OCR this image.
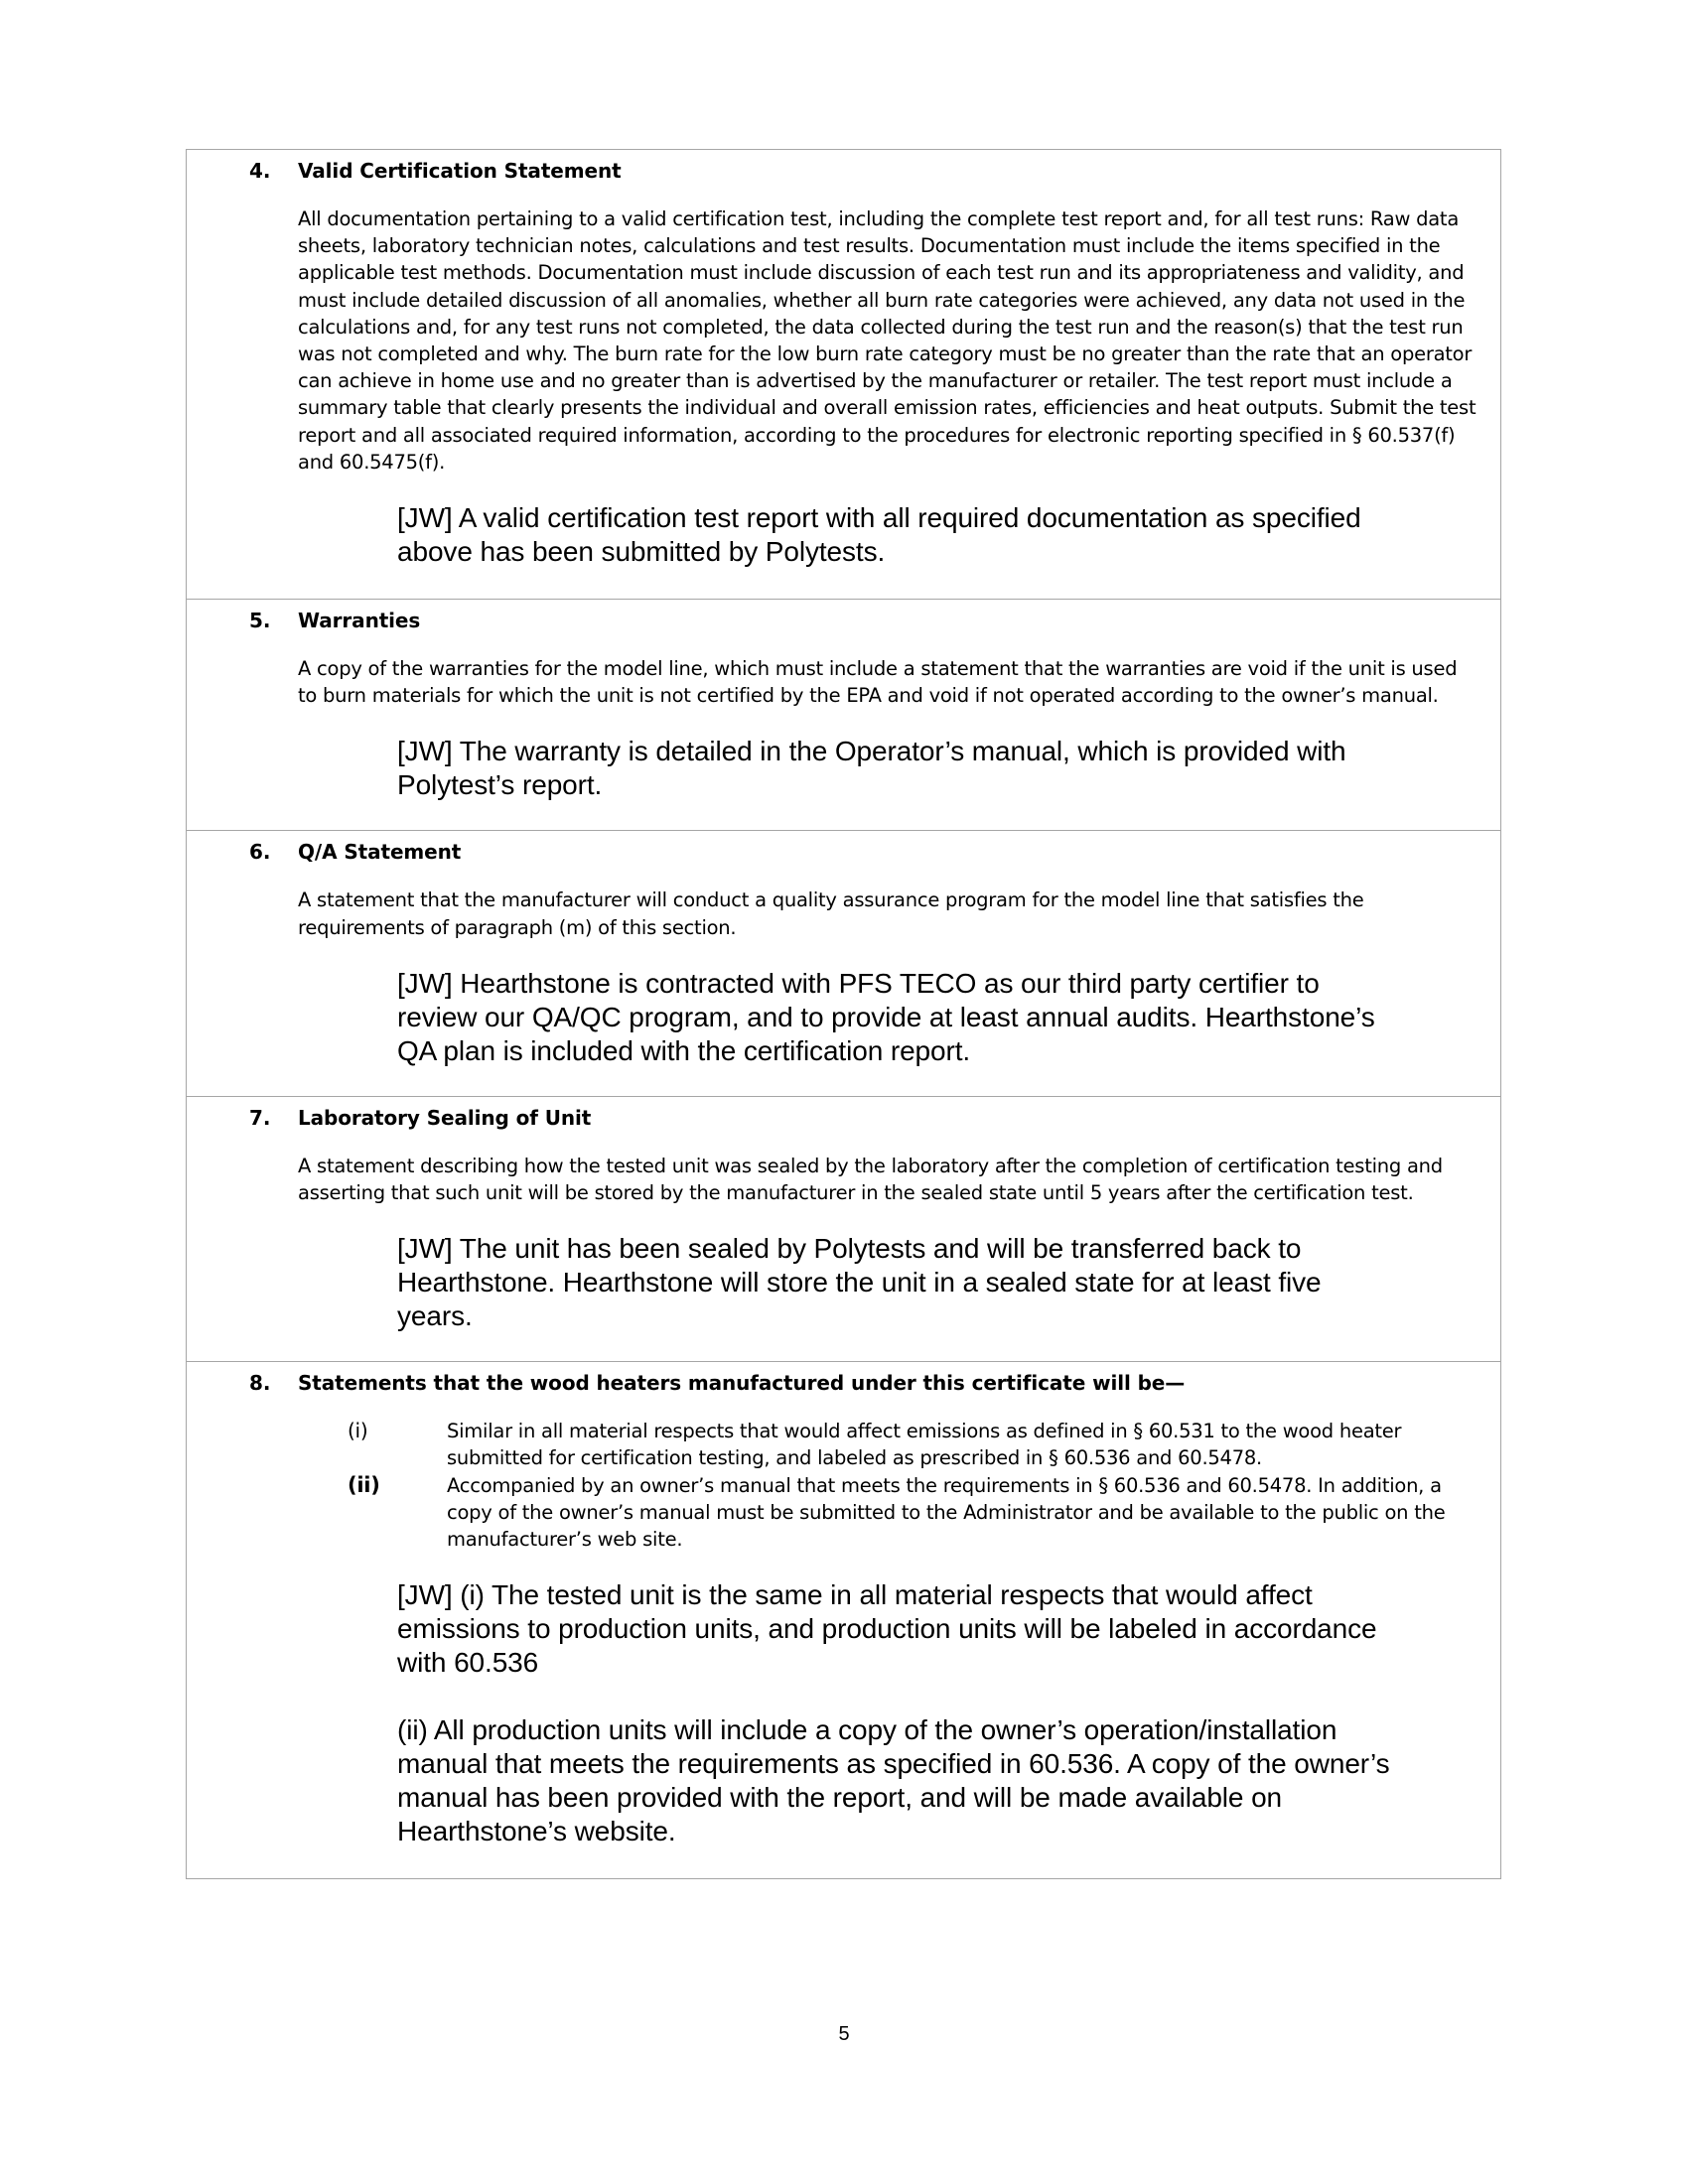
4. Valid Certification Statement
All documentation pertaining to a valid certification test, including the complete test report and, for all test runs: Raw data sheets, laboratory technician notes, calculations and test results. Documentation must include the items specified in the applicable test methods. Documentation must include discussion of each test run and its appropriateness and validity, and must include detailed discussion of all anomalies, whether all burn rate categories were achieved, any data not used in the calculations and, for any test runs not completed, the data collected during the test run and the reason(s) that the test run was not completed and why. The burn rate for the low burn rate category must be no greater than the rate that an operator can achieve in home use and no greater than is advertised by the manufacturer or retailer. The test report must include a summary table that clearly presents the individual and overall emission rates, efficiencies and heat outputs. Submit the test report and all associated required information, according to the procedures for electronic reporting specified in § 60.537(f) and 60.5475(f).

[JW] A valid certification test report with all required documentation as specified above has been submitted by Polytests.

5. Warranties
A copy of the warranties for the model line, which must include a statement that the warranties are void if the unit is used to burn materials for which the unit is not certified by the EPA and void if not operated according to the owner’s manual.

[JW] The warranty is detailed in the Operator’s manual, which is provided with Polytest’s report.

6. Q/A Statement
A statement that the manufacturer will conduct a quality assurance program for the model line that satisfies the requirements of paragraph (m) of this section.

[JW] Hearthstone is contracted with PFS TECO as our third party certifier to review our QA/QC program, and to provide at least annual audits. Hearthstone’s QA plan is included with the certification report.

7. Laboratory Sealing of Unit
A statement describing how the tested unit was sealed by the laboratory after the completion of certification testing and asserting that such unit will be stored by the manufacturer in the sealed state until 5 years after the certification test.

[JW] The unit has been sealed by Polytests and will be transferred back to Hearthstone. Hearthstone will store the unit in a sealed state for at least five years.

8. Statements that the wood heaters manufactured under this certificate will be—
(i)	Similar in all material respects that would affect emissions as defined in § 60.531 to the wood heater submitted for certification testing, and labeled as prescribed in § 60.536 and 60.5478.
(ii)	Accompanied by an owner’s manual that meets the requirements in § 60.536 and 60.5478. In addition, a copy of the owner’s manual must be submitted to the Administrator and be available to the public on the manufacturer’s web site.

[JW] (i) The tested unit is the same in all material respects that would affect emissions to production units, and production units will be labeled in accordance with 60.536

(ii) All production units will include a copy of the owner’s operation/installation manual that meets the requirements as specified in 60.536. A copy of the owner’s manual has been provided with the report, and will be made available on Hearthstone’s website.

5
